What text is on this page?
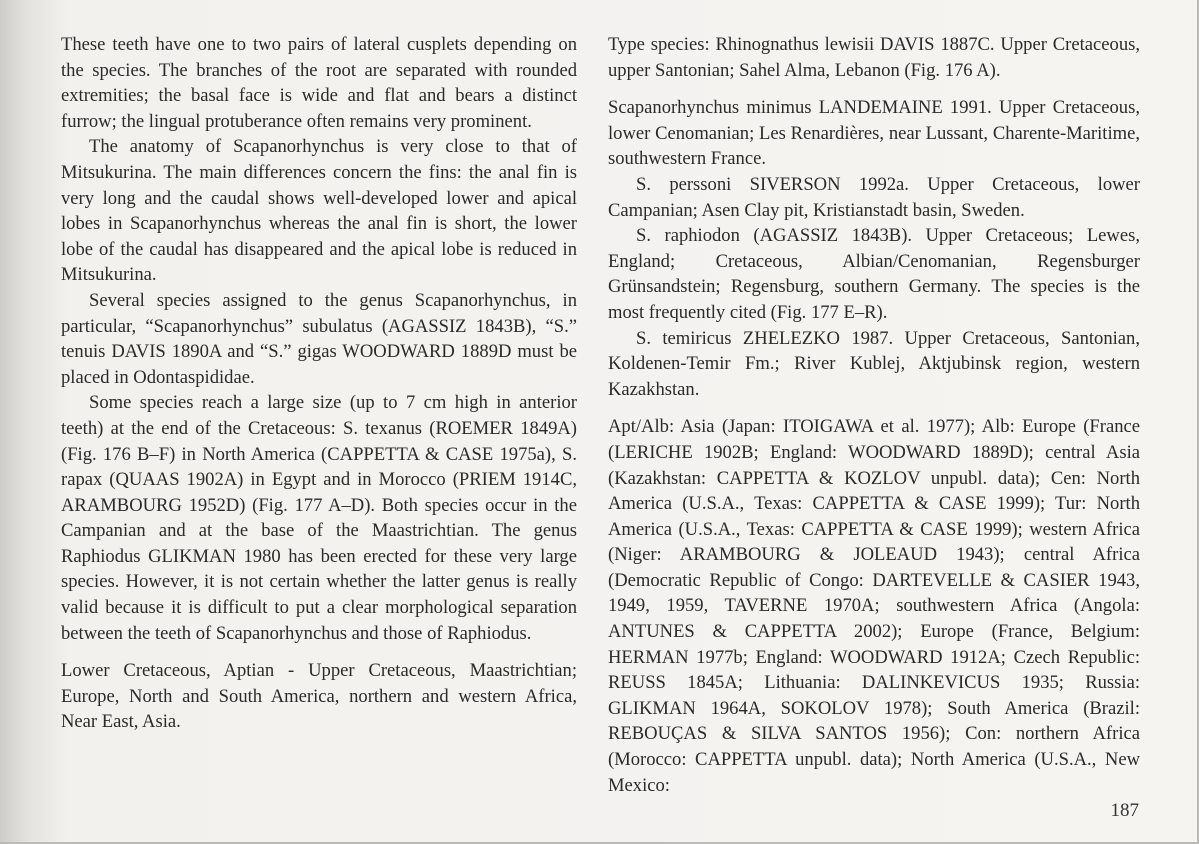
These teeth have one to two pairs of lateral cusplets depending on the species. The branches of the root are separated with rounded extremities; the basal face is wide and flat and bears a distinct furrow; the lingual protuberance often remains very prominent.

The anatomy of Scapanorhynchus is very close to that of Mitsukurina. The main differences concern the fins: the anal fin is very long and the caudal shows well-developed lower and apical lobes in Scapanorhynchus whereas the anal fin is short, the lower lobe of the caudal has disappeared and the apical lobe is reduced in Mitsukurina.

Several species assigned to the genus Scapanorhynchus, in particular, “Scapanorhynchus” subulatus (AGASSIZ 1843B), “S.” tenuis DAVIS 1890A and “S.” gigas WOODWARD 1889D must be placed in Odontaspididae.

Some species reach a large size (up to 7 cm high in anterior teeth) at the end of the Cretaceous: S. texanus (ROEMER 1849A) (Fig. 176 B–F) in North America (CAPPETTA & CASE 1975a), S. rapax (QUAAS 1902A) in Egypt and in Morocco (PRIEM 1914C, ARAMBOURG 1952D) (Fig. 177 A–D). Both species occur in the Campanian and at the base of the Maastrichtian. The genus Raphiodus GLIKMAN 1980 has been erected for these very large species. However, it is not certain whether the latter genus is really valid because it is difficult to put a clear morphological separation between the teeth of Scapanorhynchus and those of Raphiodus.

Lower Cretaceous, Aptian - Upper Cretaceous, Maastrichtian; Europe, North and South America, northern and western Africa, Near East, Asia.

Type species: Rhinognathus lewisii DAVIS 1887C. Upper Cretaceous, upper Santonian; Sahel Alma, Lebanon (Fig. 176 A).

Scapanorhynchus minimus LANDEMAINE 1991. Upper Cretaceous, lower Cenomanian; Les Renardières, near Lussant, Charente-Maritime, southwestern France.

S. perssoni SIVERSON 1992a. Upper Cretaceous, lower Campanian; Asen Clay pit, Kristianstadt basin, Sweden.

S. raphiodon (AGASSIZ 1843B). Upper Cretaceous; Lewes, England; Cretaceous, Albian/Cenomanian, Regensburger Grünsandstein; Regensburg, southern Germany. The species is the most frequently cited (Fig. 177 E–R).

S. temiricus ZHELEZKO 1987. Upper Cretaceous, Santonian, Koldenen-Temir Fm.; River Kublej, Aktjubinsk region, western Kazakhstan.

Apt/Alb: Asia (Japan: ITOIGAWA et al. 1977); Alb: Europe (France (LERICHE 1902B; England: WOODWARD 1889D); central Asia (Kazakhstan: CAPPETTA & KOZLOV unpubl. data); Cen: North America (U.S.A., Texas: CAPPETTA & CASE 1999); Tur: North America (U.S.A., Texas: CAPPETTA & CASE 1999); western Africa (Niger: ARAMBOURG & JOLEAUD 1943); central Africa (Democratic Republic of Congo: DARTEVELLE & CASIER 1943, 1949, 1959, TAVERNE 1970A; southwestern Africa (Angola: ANTUNES & CAPPETTA 2002); Europe (France, Belgium: HERMAN 1977b; England: WOODWARD 1912A; Czech Republic: REUSS 1845A; Lithuania: DALINKEVICUS 1935; Russia: GLIKMAN 1964A, SOKOLOV 1978); South America (Brazil: REBOUÇAS & SILVA SANTOS 1956); Con: northern Africa (Morocco: CAPPETTA unpubl. data); North America (U.S.A., New Mexico:

187
